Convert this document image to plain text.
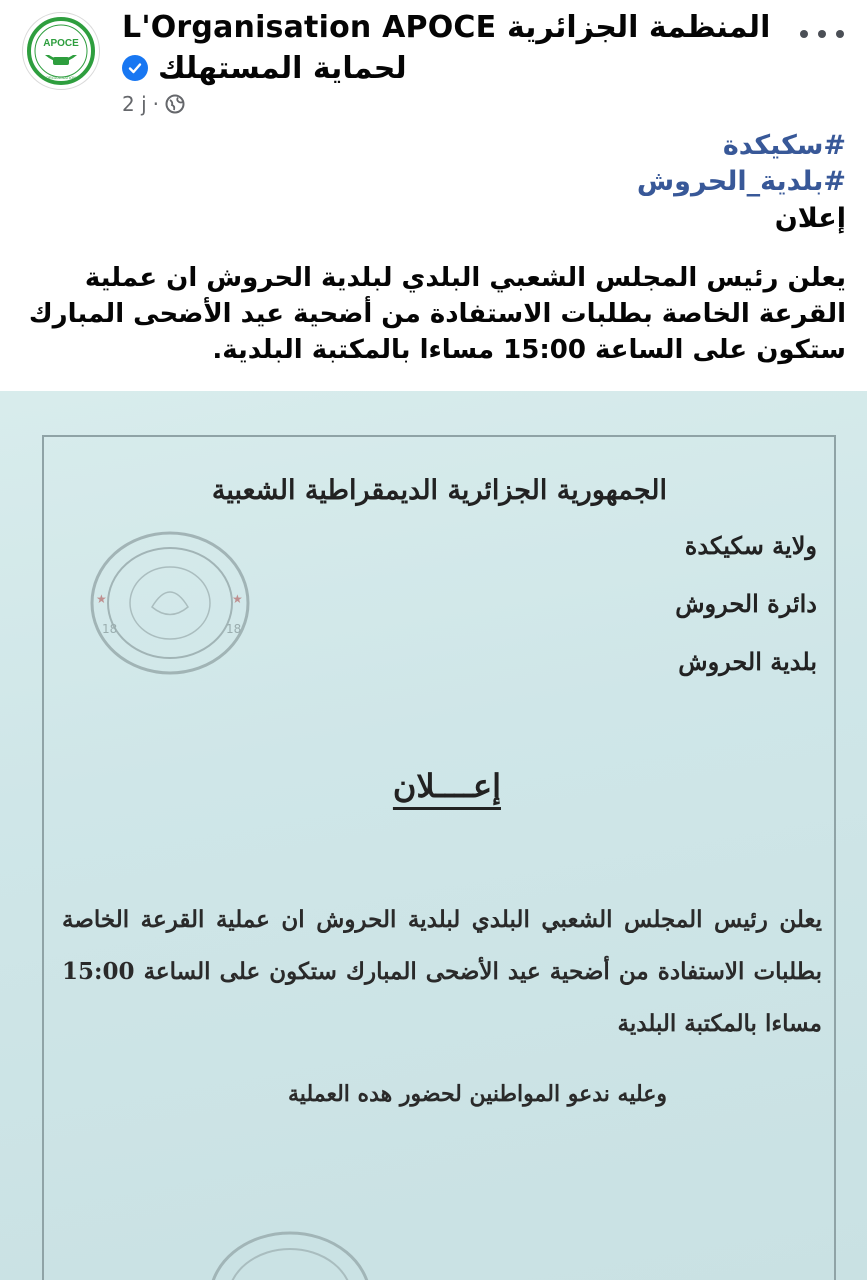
APOCE
ORGANISATION
L'Organisation APOCE المنظمة الجزائرية
لحماية المستهلك
2 j ·
#سكيكدة
#بلدية_الحروش
إعلان
يعلن رئيس المجلس الشعبي البلدي لبلدية الحروش ان عملية القرعة الخاصة بطلبات الاستفادة من أضحية عيد الأضحى المبارك ستكون على الساعة 15:00 مساءا بالمكتبة البلدية.
★	★
18	18
الجمهورية الجزائرية الديمقراطية الشعبية
ولاية سكيكدة
دائرة الحروش
بلدية الحروش
إعــــلان
يعلن رئيس المجلس الشعبي البلدي لبلدية الحروش ان عملية القرعة الخاصة بطلبات الاستفادة من أضحية عيد الأضحى المبارك ستكون على الساعة 15:00 مساءا بالمكتبة البلدية
وعليه ندعو المواطنين لحضور هده العملية
